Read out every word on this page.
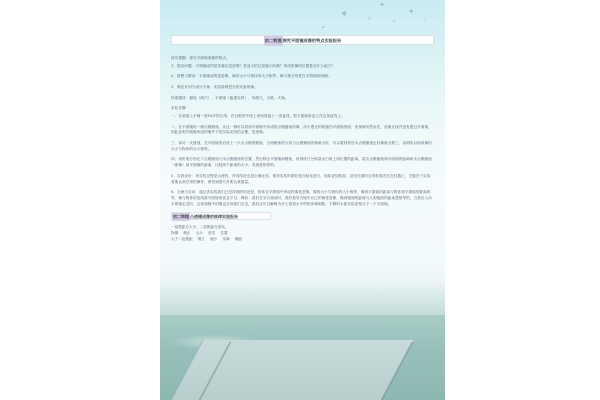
✦	✧
✦
✧
✦
✧
✦
初二物理探究平面镜成像的特点实验报告

探究课题：探究平面镜成像的特点。

1、提出问题：平面镜成的是实像还是虚像？是放大的还是缩小的像？所成的像的位置是在什么地方？

2、猜想与假设：平面镜成的是虚像，像的大小与物体的大小相等，像与物分别是在平面镜的两侧。

3、制定计划与设计方案：实验原理是光的反射规律。

所需器材：蜡烛（两只）、平面镜（能透光的）、刻度尺、白纸、火柴。

实验步骤：

一、在桌面上平铺一张16开的白纸，在白纸的中线上用铅笔画上一条直线，把平面镜垂直立在这条直线上。

二、在平面镜的一侧点燃蜡烛，从这一侧可以看到平面镜中所成的点燃蜡烛的像，用不透光的纸遮挡平面镜背面，发现像仍然存在，说明光线并没有透过平面镜，因此证明平面镜所成的像并不是实际光线的会聚，是虚像。

三、拿另一支蜡烛，在平面镜背后放上一只未点燃的蜡烛，当两蜡烛的火焰与点燃蜡烛的像重合时，可以看到背后未点燃蜡烛也好像被点燃了，说明所以两成像的大小与物体的大小相等。

四、用铅笔分别记下点燃蜡烛与未点燃蜡烛的位置，然后移去平面镜和蜡烛，用刻度尺分别量出白纸上两位置的距离，量出点燃蜡烛到平面镜的距离和未点燃蜡烛（即像）到平面镜的距离，比较两个距离的大小，发现是相等的。

5、自我评价：该实验过程是合理的，所得结论也是正确无误，做该实验时最好是在暗室进行，现象更加明显，甚至在做时还采取将首先在仪器上，关键在于实验者要认真仔细的操作，使得到度尺对要认真测量。

6、交流与应用：通过该实验我们已经得到的结论是，物体在平面镜中所成的像是虚像，像的大小与物体的大小相等，像到平面镜的距离与物体到平面镜的距离相等，像与物体的连线被平面镜垂直且平分，例如：我们在穿衣镜前时，我们看穿衣镜中自己的像是虚像，像到镜面的距离与人到镜面的距离是相等的，当我们人向平面镜走近时，会看到镜中的像也在向我们走近，我们还可以解释为什么看到水中的物体像倒影，平静的水面实际是相当于一个平面镜。

初二物理凸透镜成像的规律实验报告
一倍焦距分大小，二倍焦距分虚实。
物像 倒正 大小 虚实 位置
大于二倍焦距 倒立 缩小 实像 像距
